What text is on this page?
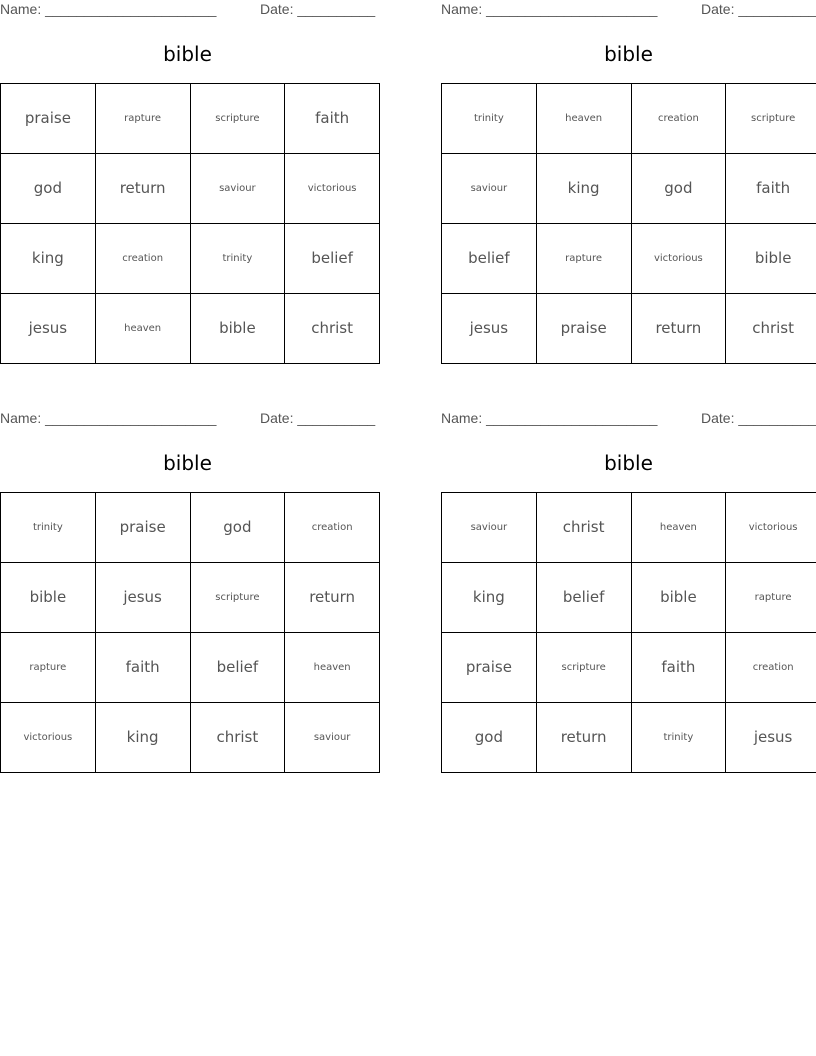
Name: ______________________	Date: __________
bible
praise	rapture	scripture	faith
god	return	saviour	victorious
king	creation	trinity	belief
jesus	heaven	bible	christ
Name: ______________________	Date: __________
bible
trinity	heaven	creation	scripture
saviour	king	god	faith
belief	rapture	victorious	bible
jesus	praise	return	christ
Name: ______________________	Date: __________
bible
trinity	praise	god	creation
bible	jesus	scripture	return
rapture	faith	belief	heaven
victorious	king	christ	saviour
Name: ______________________	Date: __________
bible
saviour	christ	heaven	victorious
king	belief	bible	rapture
praise	scripture	faith	creation
god	return	trinity	jesus
